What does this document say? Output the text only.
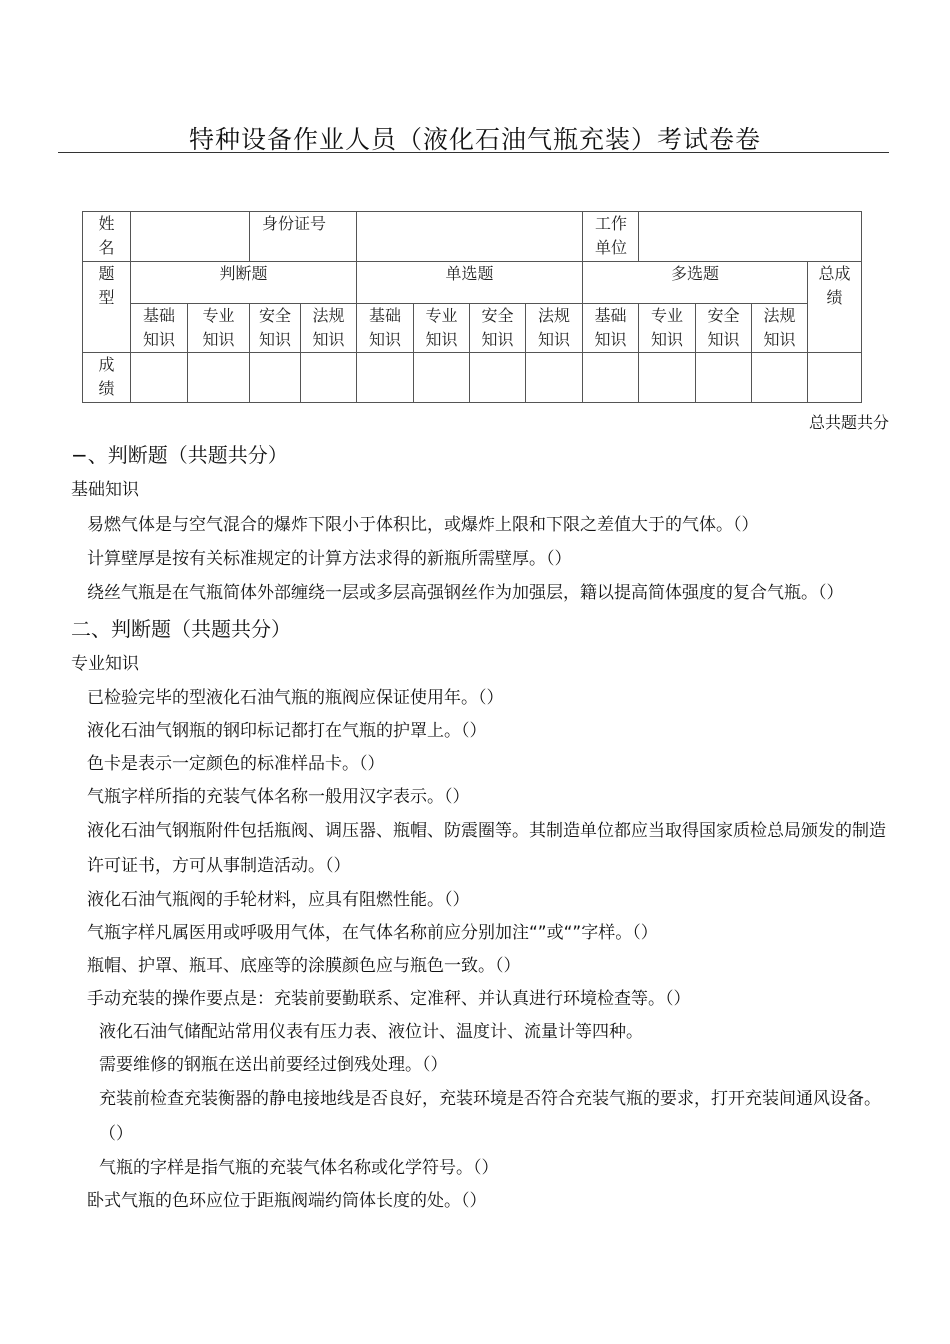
特种设备作业人员（液化石油气瓶充装）考试卷卷
姓名			身份证号						工作单位				

题型	判断题				单选题				多选题				总成绩

	基础知识	专业知识	安全知识	法规知识	基础知识	专业知识	安全知识	法规知识	基础知识	专业知识	安全知识	法规知识	

成绩													

总共题共分
−、判断题（共题共分）
基础知识
易燃气体是与空气混合的爆炸下限小于体积比，或爆炸上限和下限之差值大于的气体。（）
计算壁厚是按有关标准规定的计算方法求得的新瓶所需壁厚。（）
绕丝气瓶是在气瓶简体外部缠绕一层或多层高强钢丝作为加强层，籍以提高简体强度的复合气瓶。（）
二、判断题（共题共分）
专业知识
已检验完毕的型液化石油气瓶的瓶阀应保证使用年。（）
液化石油气钢瓶的钢印标记都打在气瓶的护罩上。（）
色卡是表示一定颜色的标准样品卡。（）
气瓶字样所指的充装气体名称一般用汉字表示。（）
液化石油气钢瓶附件包括瓶阀、调压器、瓶帽、防震圈等。其制造单位都应当取得国家质检总局颁发的制造许可证书，方可从事制造活动。（）
液化石油气瓶阀的手轮材料，应具有阻燃性能。（）
气瓶字样凡属医用或呼吸用气体，在气体名称前应分别加注“”或“”字样。（）
瓶帽、护罩、瓶耳、底座等的涂膜颜色应与瓶色一致。（）
手动充装的操作要点是：充装前要勤联系、定准秤、并认真进行环境检查等。（）
液化石油气储配站常用仪表有压力表、液位计、温度计、流量计等四种。
需要维修的钢瓶在送出前要经过倒残处理。（）
充装前检查充装衡器的静电接地线是否良好，充装环境是否符合充装气瓶的要求，打开充装间通风设备。（）
气瓶的字样是指气瓶的充装气体名称或化学符号。（）
卧式气瓶的色环应位于距瓶阀端约筒体长度的处。（）
